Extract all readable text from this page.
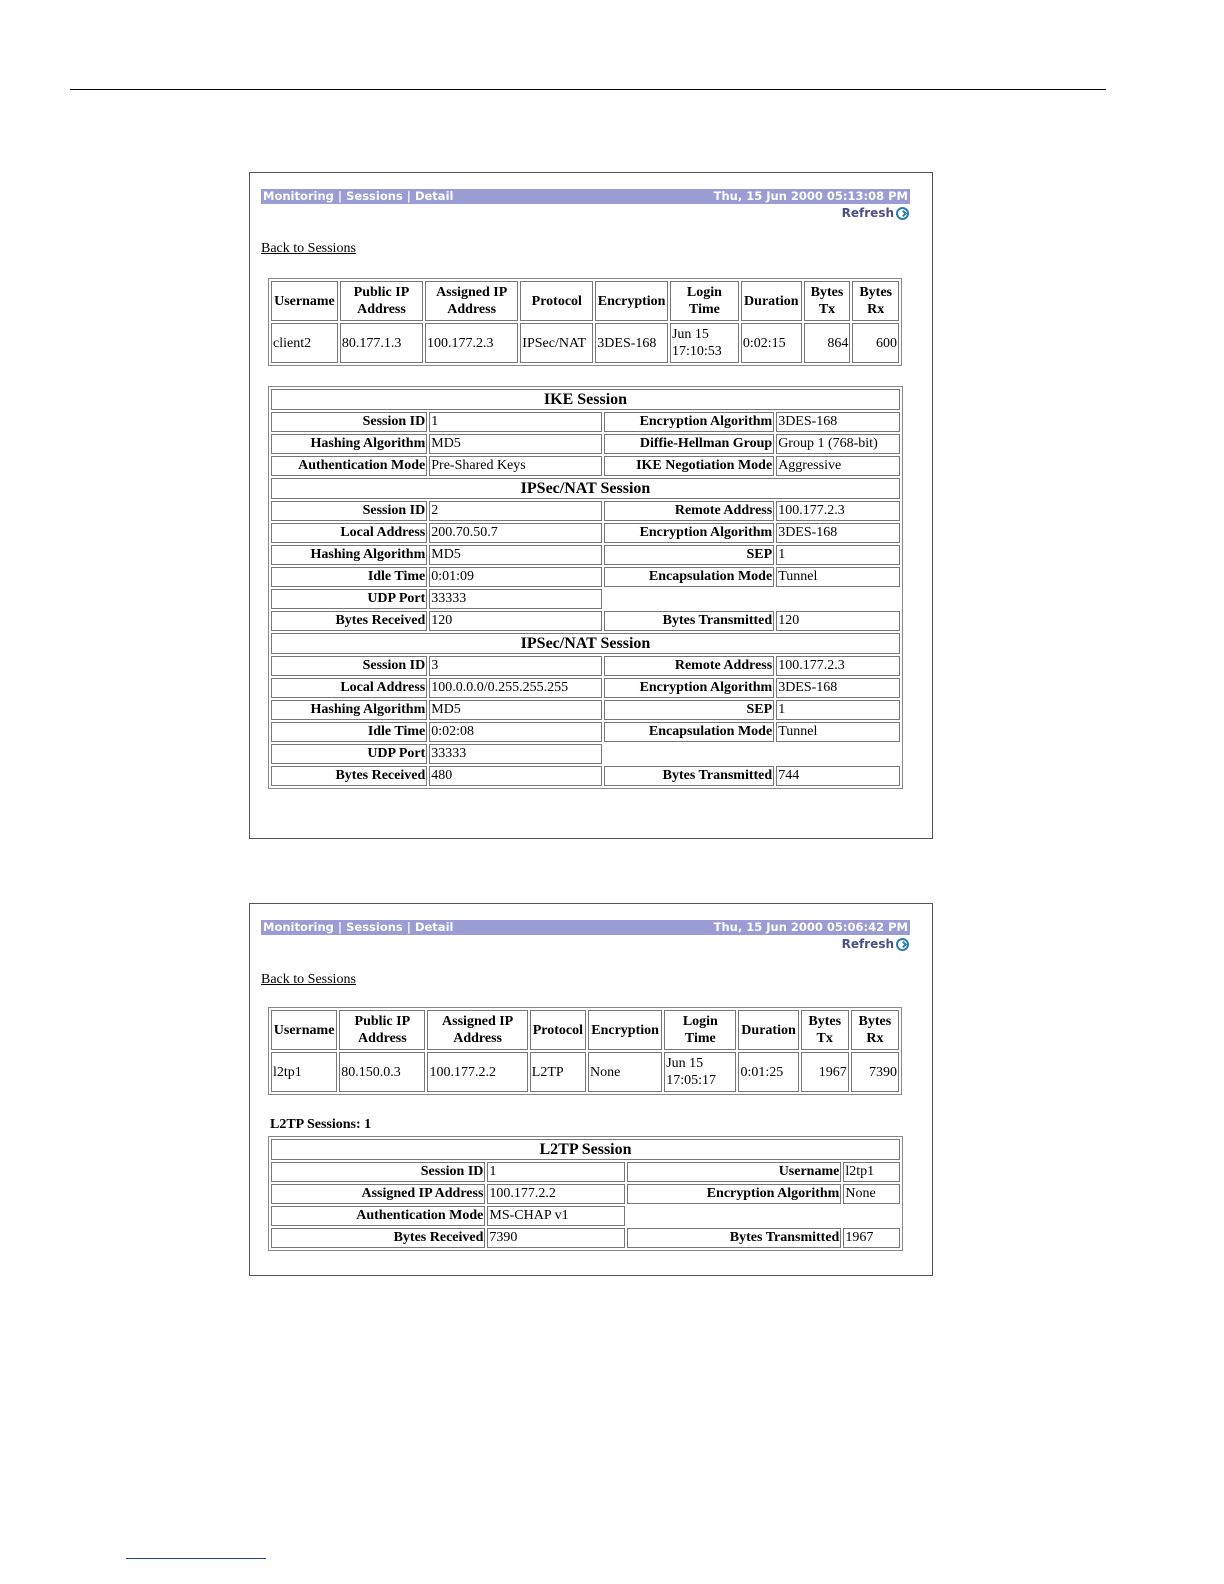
Monitoring | Sessions | Detail	Thu, 15 Jun 2000 05:13:08 PM
Refresh
Back to Sessions
Username	Public IP Address	Assigned IP Address	Protocol	Encryption	Login Time	Duration	Bytes Tx	Bytes Rx
client2	80.177.1.3	100.177.2.3	IPSec/NAT	3DES-168	Jun 15 17:10:53	0:02:15	864	600
IKE Session			
Session ID	1	Encryption Algorithm	3DES-168
Hashing Algorithm	MD5	Diffie-Hellman Group	Group 1 (768-bit)
Authentication Mode	Pre-Shared Keys	IKE Negotiation Mode	Aggressive
IPSec/NAT Session			
Session ID	2	Remote Address	100.177.2.3
Local Address	200.70.50.7	Encryption Algorithm	3DES-168
Hashing Algorithm	MD5	SEP	1
Idle Time	0:01:09	Encapsulation Mode	Tunnel
UDP Port	33333		
Bytes Received	120	Bytes Transmitted	120
IPSec/NAT Session			
Session ID	3	Remote Address	100.177.2.3
Local Address	100.0.0.0/0.255.255.255	Encryption Algorithm	3DES-168
Hashing Algorithm	MD5	SEP	1
Idle Time	0:02:08	Encapsulation Mode	Tunnel
UDP Port	33333		
Bytes Received	480	Bytes Transmitted	744
Monitoring | Sessions | Detail	Thu, 15 Jun 2000 05:06:42 PM
Refresh
Back to Sessions
Username	Public IP Address	Assigned IP Address	Protocol	Encryption	Login Time	Duration	Bytes Tx	Bytes Rx
l2tp1	80.150.0.3	100.177.2.2	L2TP	None	Jun 15 17:05:17	0:01:25	1967	7390
L2TP Sessions: 1
L2TP Session			
Session ID	1	Username	l2tp1
Assigned IP Address	100.177.2.2	Encryption Algorithm	None
Authentication Mode	MS-CHAP v1		
Bytes Received	7390	Bytes Transmitted	1967
